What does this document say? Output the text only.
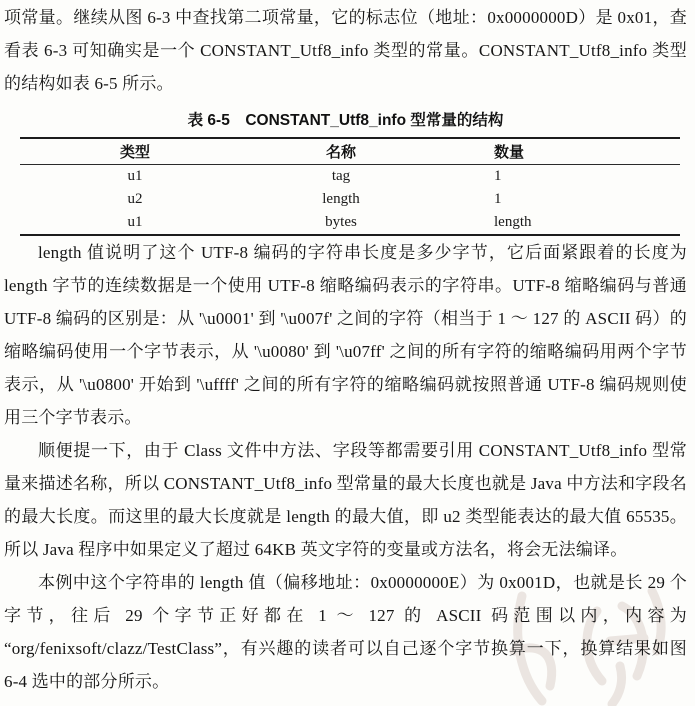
项常量。继续从图 6-3 中查找第二项常量，它的标志位（地址：0x0000000D）是 0x01，查看表 6-3 可知确实是一个 CONSTANT_Utf8_info 类型的常量。CONSTANT_Utf8_info 类型的结构如表 6-5 所示。

表 6-5　CONSTANT_Utf8_info 型常量的结构
类型	名称	数量
u1	tag	1
u2	length	1
u1	bytes	length

length 值说明了这个 UTF-8 编码的字符串长度是多少字节，它后面紧跟着的长度为 length 字节的连续数据是一个使用 UTF-8 缩略编码表示的字符串。UTF-8 缩略编码与普通 UTF-8 编码的区别是：从 '\u0001' 到 '\u007f' 之间的字符（相当于 1 ～ 127 的 ASCII 码）的缩略编码使用一个字节表示，从 '\u0080' 到 '\u07ff' 之间的所有字符的缩略编码用两个字节表示，从 '\u0800' 开始到 '\uffff' 之间的所有字符的缩略编码就按照普通 UTF-8 编码规则使用三个字节表示。

顺便提一下，由于 Class 文件中方法、字段等都需要引用 CONSTANT_Utf8_info 型常量来描述名称，所以 CONSTANT_Utf8_info 型常量的最大长度也就是 Java 中方法和字段名的最大长度。而这里的最大长度就是 length 的最大值，即 u2 类型能表达的最大值 65535。所以 Java 程序中如果定义了超过 64KB 英文字符的变量或方法名，将会无法编译。

本例中这个字符串的 length 值（偏移地址：0x0000000E）为 0x001D，也就是长 29 个字节，往后 29 个字节正好都在 1 ～ 127 的 ASCII 码范围以内，内容为 “org/fenixsoft/clazz/TestClass”，有兴趣的读者可以自己逐个字节换算一下，换算结果如图 6-4 选中的部分所示。
